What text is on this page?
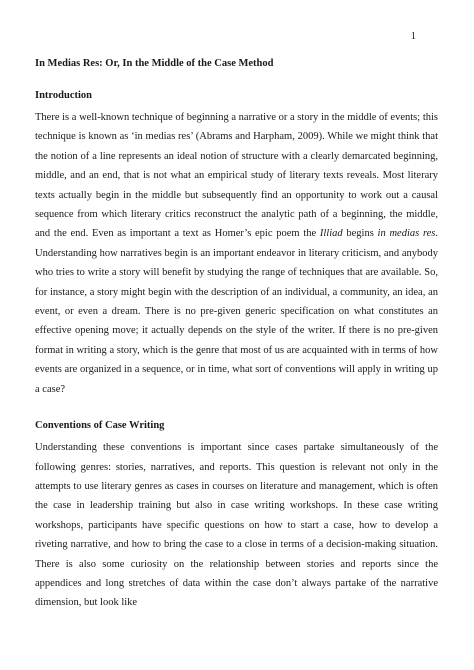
1

In Medias Res: Or, In the Middle of the Case Method

Introduction

There is a well-known technique of beginning a narrative or a story in the middle of events; this technique is known as ‘in medias res’ (Abrams and Harpham, 2009). While we might think that the notion of a line represents an ideal notion of structure with a clearly demarcated beginning, middle, and an end, that is not what an empirical study of literary texts reveals. Most literary texts actually begin in the middle but subsequently find an opportunity to work out a causal sequence from which literary critics reconstruct the analytic path of a beginning, the middle, and the end. Even as important a text as Homer’s epic poem the Illiad begins in medias res. Understanding how narratives begin is an important endeavor in literary criticism, and anybody who tries to write a story will benefit by studying the range of techniques that are available. So, for instance, a story might begin with the description of an individual, a community, an idea, an event, or even a dream. There is no pre-given generic specification on what constitutes an effective opening move; it actually depends on the style of the writer. If there is no pre-given format in writing a story, which is the genre that most of us are acquainted with in terms of how events are organized in a sequence, or in time, what sort of conventions will apply in writing up a case?

Conventions of Case Writing

Understanding these conventions is important since cases partake simultaneously of the following genres: stories, narratives, and reports. This question is relevant not only in the attempts to use literary genres as cases in courses on literature and management, which is often the case in leadership training but also in case writing workshops. In these case writing workshops, participants have specific questions on how to start a case, how to develop a riveting narrative, and how to bring the case to a close in terms of a decision-making situation. There is also some curiosity on the relationship between stories and reports since the appendices and long stretches of data within the case don’t always partake of the narrative dimension, but look like
